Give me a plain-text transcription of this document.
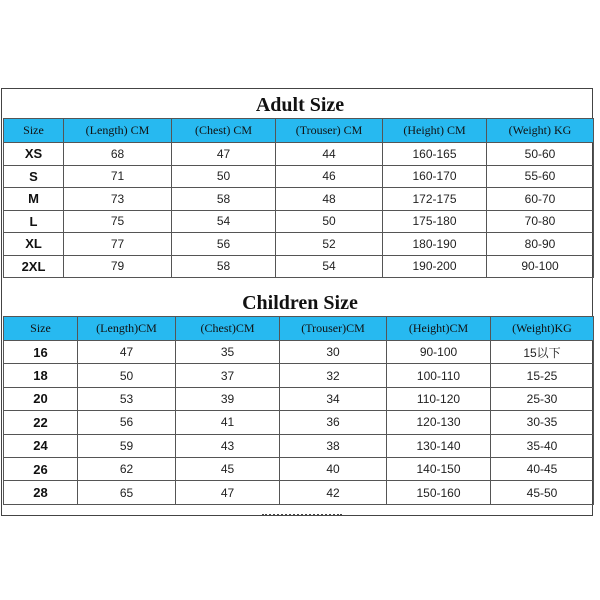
Adult Size
Size	(Length) CM	(Chest) CM	(Trouser) CM	(Height) CM	(Weight) KG
XS	68	47	44	160-165	50-60
S	71	50	46	160-170	55-60
M	73	58	48	172-175	60-70
L	75	54	50	175-180	70-80
XL	77	56	52	180-190	80-90
2XL	79	58	54	190-200	90-100
Children Size
Size	(Length)CM	(Chest)CM	(Trouser)CM	(Height)CM	(Weight)KG
16	47	35	30	90-100	15以下
18	50	37	32	100-110	15-25
20	53	39	34	110-120	25-30
22	56	41	36	120-130	30-35
24	59	43	38	130-140	35-40
26	62	45	40	140-150	40-45
28	65	47	42	150-160	45-50
